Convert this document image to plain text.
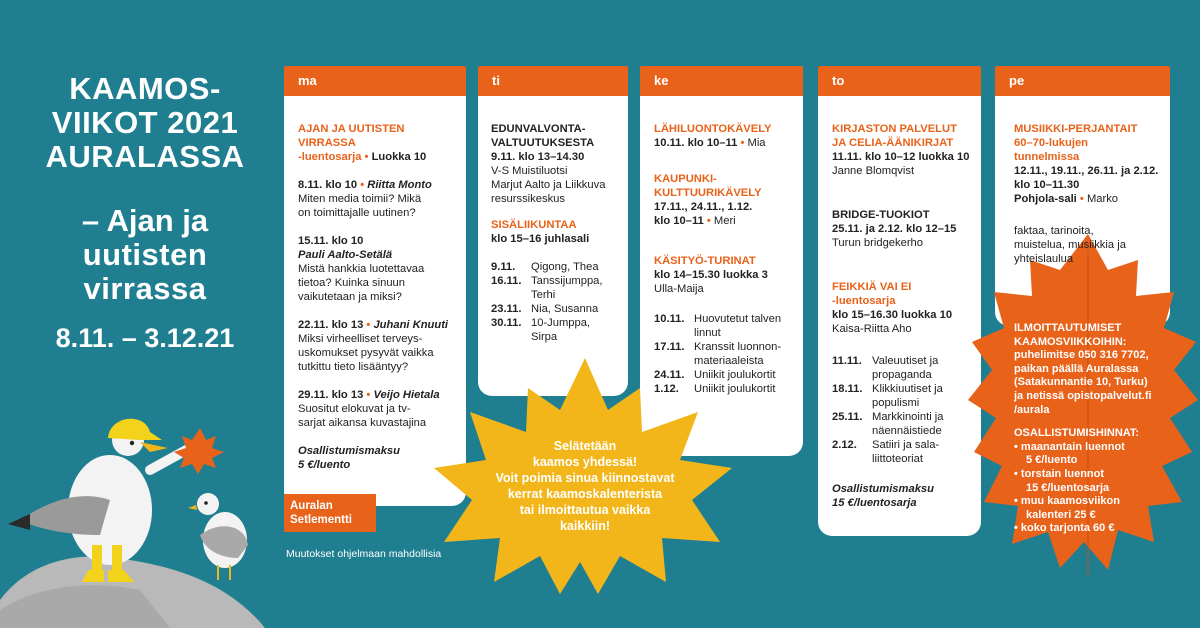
KAAMOS-
VIIKOT 2021
AURALASSA
– Ajan ja
uutisten
virrassa
8.11. – 3.12.21
ma	ti	ke	to	pe
Selätetään
kaamos yhdessä!
Voit poimia sinua kiinnostavat
kerrat kaamoskalenterista
tai ilmoittautua vaikka
kaikkiin!
ILMOITTAUTUMISET
KAAMOSVIIKKOIHIN:
puhelimitse 050 316 7702,
paikan päällä Auralassa
(Satakunnantie 10, Turku)
ja netissä opistopalvelut.fi
/aurala
OSALLISTUMISHINNAT:
• maanantain luennot
5 €/luento
• torstain luennot
15 €/luentosarja
• muu kaamosviikon
kalenteri 25 €
• koko tarjonta 60 €
AJAN JA UUTISTEN VIRRASSA
-luentosarja • Luokka 10
8.11. klo 10 • Riitta Monto
Miten media toimii? Mikä
on toimittajalle uutinen?
15.11. klo 10
Pauli Aalto-Setälä
Mistä hankkia luotettavaa
tietoa? Kuinka sinuun
vaikutetaan ja miksi?
22.11. klo 13 • Juhani Knuuti
Miksi virheelliset terveys-
uskomukset pysyvät vaikka
tutkittu tieto lisääntyy?
29.11. klo 13 • Veijo Hietala
Suositut elokuvat ja tv-
sarjat aikansa kuvastajina
Osallistumismaksu
5 €/luento
EDUNVALVONTA-
VALTUUTUKSESTA
9.11. klo 13–14.30
V-S Muistiluotsi
Marjut Aalto ja Liikkuva
resurssikeskus
SISÄLIIKUNTAA
klo 15–16 juhlasali
9.11.	Qigong, Thea
16.11. Tanssijumppa,
Terhi
23.11. Nia, Susanna
30.11. 10-Jumppa,
Sirpa
LÄHILUONTOKÄVELY
10.11. klo 10–11 • Mia
KAUPUNKI-
KULTTUURIKÄVELY
17.11., 24.11., 1.12.
klo 10–11 • Meri
KÄSITYÖ-TURINAT
klo 14–15.30 luokka 3
Ulla-Maija
10.11. Huovutetut talven
linnut
17.11. Kranssit luonnon-
materiaaleista
24.11. Uniikit joulukortit
1.12.	Uniikit joulukortit
KIRJASTON PALVELUT
JA CELIA-ÄÄNIKIRJAT
11.11. klo 10–12 luokka 10
Janne Blomqvist
BRIDGE-TUOKIOT
25.11. ja 2.12. klo 12–15
Turun bridgekerho
FEIKKIÄ VAI EI
-luentosarja
klo 15–16.30 luokka 10
Kaisa-Riitta Aho
11.11. Valeuutiset ja
propaganda
18.11. Klikkiuutiset ja
populismi
25.11. Markkinointi ja
näennäistiede
2.12.	Satiiri ja sala-
liittoteoriat
Osallistumismaksu
15 €/luentosarja
MUSIIKKI-PERJANTAIT
60–70-lukujen
tunnelmissa
12.11., 19.11., 26.11. ja 2.12.
klo 10–11.30
Pohjola-sali • Marko
faktaa, tarinoita,
muistelua, musiikkia ja
yhteislaulua
Auralan
Setlementti
Muutokset ohjelmaan mahdollisia
